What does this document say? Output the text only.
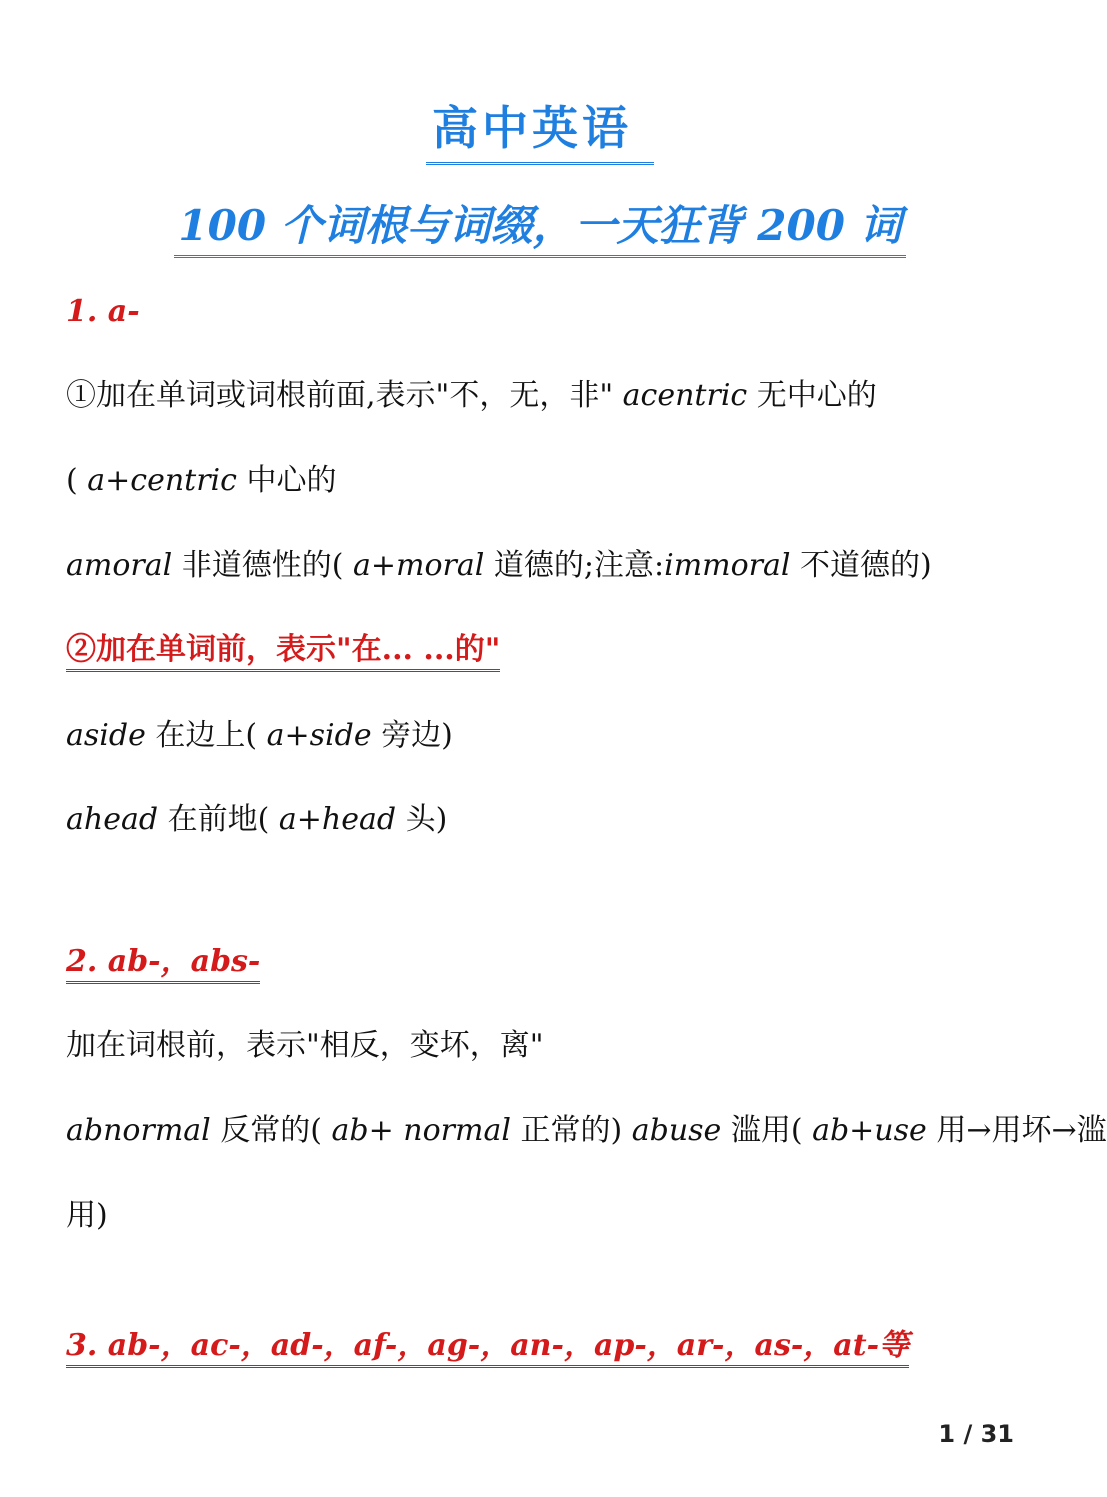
高中英语
100 个词根与词缀，一天狂背 200 词
1. a-
①加在单词或词根前面,表示"不，无，非" acentric 无中心的
( a+centric 中心的
amoral 非道德性的( a+moral 道德的;注意:immoral 不道德的)
②加在单词前，表示"在... ...的"
aside 在边上( a+side 旁边)
ahead 在前地( a+head 头)
2. ab-，abs-
加在词根前，表示"相反，变坏，离"
abnormal 反常的( ab+ normal 正常的) abuse 滥用( ab+use 用→用坏→滥
用)
3. ab-，ac-，ad-，af-，ag-，an-，ap-，ar-，as-，at-等
1 / 31
